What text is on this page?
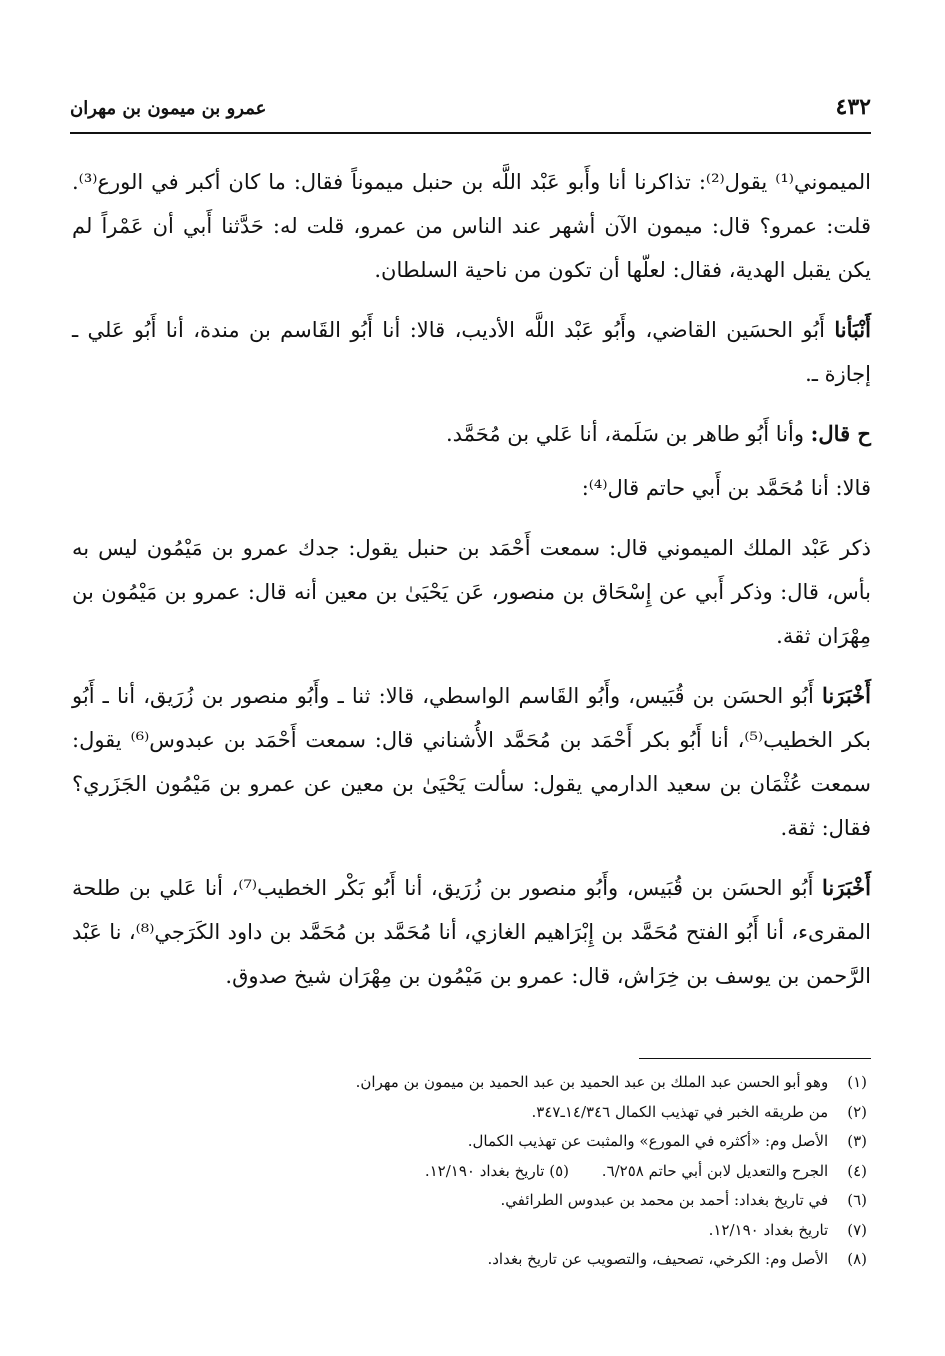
٤٣٢
عمرو بن ميمون بن مهران

الميموني⁽¹⁾ يقول⁽²⁾: تذاكرنا أنا وأَبو عَبْد اللَّه بن حنبل ميموناً فقال: ما كان أكبر في الورع⁽³⁾. قلت: عمرو؟ قال: ميمون الآن أشهر عند الناس من عمرو، قلت له: حَدَّثنا أَبي أن عَمْراً لم يكن يقبل الهدية، فقال: لعلّها أن تكون من ناحية السلطان.

أَنْبَأنا أَبُو الحسَين القاضي، وأَبُو عَبْد اللَّه الأديب، قالا: أنا أَبُو القَاسم بن مندة، أنا أَبُو عَلي ـ إجازة ـ.

ح قال: وأنا أَبُو طاهر بن سَلَمة، أنا عَلي بن مُحَمَّد.

قالا: أنا مُحَمَّد بن أَبي حاتم قال⁽⁴⁾:

ذكر عَبْد الملك الميموني قال: سمعت أَحْمَد بن حنبل يقول: جدك عمرو بن مَيْمُون ليس به بأس، قال: وذكر أَبي عن إِسْحَاق بن منصور، عَن يَحْيَىٰ بن معين أنه قال: عمرو بن مَيْمُون بن مِهْرَان ثقة.

أَخْبَرَنا أَبُو الحسَن بن قُبَيس، وأَبُو القَاسم الواسطي، قالا: ثنا ـ وأَبُو منصور بن زُرَيق، أنا ـ أَبُو بكر الخطيب⁽⁵⁾، أنا أَبُو بكر أَحْمَد بن مُحَمَّد الأُشناني قال: سمعت أَحْمَد بن عبدوس⁽⁶⁾ يقول: سمعت عُثْمَان بن سعيد الدارمي يقول: سألت يَحْيَىٰ بن معين عن عمرو بن مَيْمُون الجَزَري؟ فقال: ثقة.

أَخْبَرَنا أَبُو الحسَن بن قُبَيس، وأَبُو منصور بن زُرَيق، أنا أَبُو بَكْر الخطيب⁽⁷⁾، أنا عَلي بن طلحة المقرىء، أنا أَبُو الفتح مُحَمَّد بن إِبْرَاهيم الغازي، أنا مُحَمَّد بن مُحَمَّد بن داود الكَرَجي⁽⁸⁾، نا عَبْد الرَّحمن بن يوسف بن خِرَاش، قال: عمرو بن مَيْمُون بن مِهْرَان شيخ صدوق.

(١) وهو أبو الحسن عبد الملك بن عبد الحميد بن عبد الحميد بن ميمون بن مهران.
(٢) من طريقه الخبر في تهذيب الكمال ١٤/٣٤٦ـ٣٤٧.
(٣) الأصل وم: «أكثره في المورع» والمثبت عن تهذيب الكمال.
(٤) الجرح والتعديل لابن أبي حاتم ٦/٢٥٨. (٥) تاريخ بغداد ١٢/١٩٠.
(٦) في تاريخ بغداد: أحمد بن محمد بن عبدوس الطرائفي.
(٧) تاريخ بغداد ١٢/١٩٠.
(٨) الأصل وم: الكرخي، تصحيف، والتصويب عن تاريخ بغداد.
